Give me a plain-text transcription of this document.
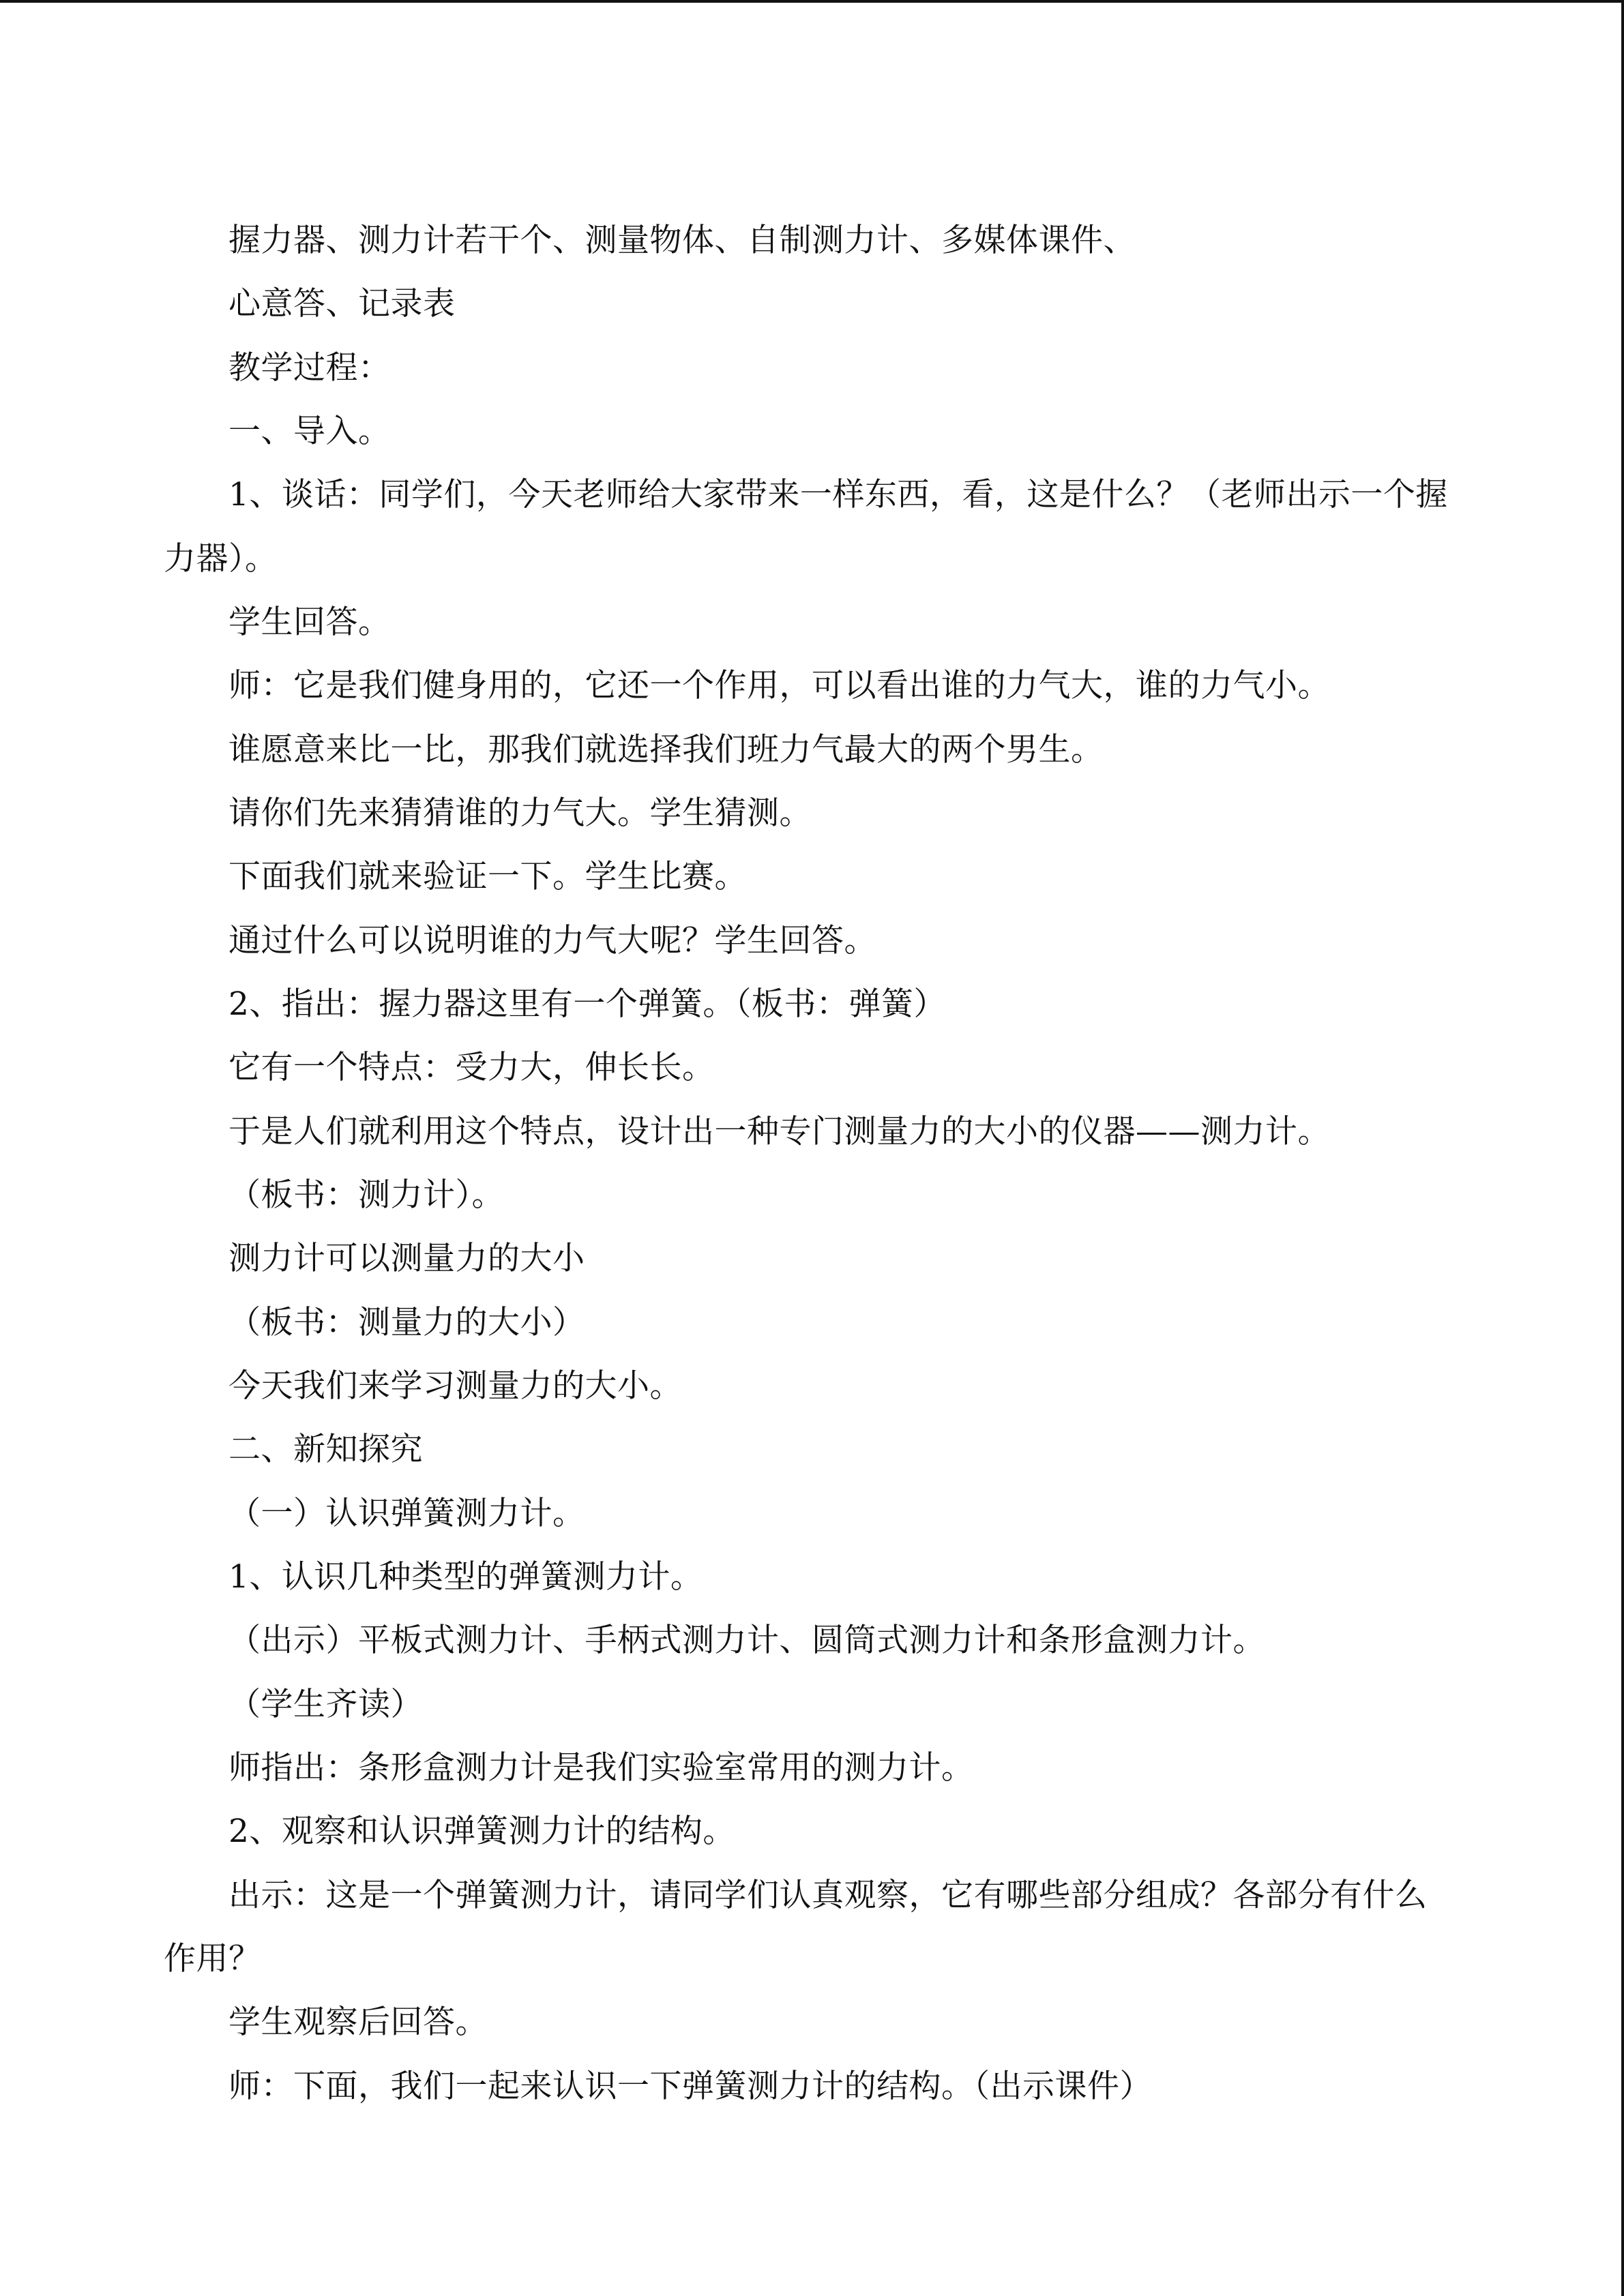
握力器、测力计若干个、测量物体、自制测力计、多媒体课件、
心意答、记录表
教学过程：
一、导入。
1、谈话：同学们，今天老师给大家带来一样东西，看，这是什么？（老师出示一个握
力器）。
学生回答。
师：它是我们健身用的，它还一个作用，可以看出谁的力气大，谁的力气小。
谁愿意来比一比，那我们就选择我们班力气最大的两个男生。
请你们先来猜猜谁的力气大。学生猜测。
下面我们就来验证一下。学生比赛。
通过什么可以说明谁的力气大呢？学生回答。
2、指出：握力器这里有一个弹簧。（板书：弹簧）
它有一个特点：受力大，伸长长。
于是人们就利用这个特点，设计出一种专门测量力的大小的仪器——测力计。
（板书：测力计）。
测力计可以测量力的大小
（板书：测量力的大小）
今天我们来学习测量力的大小。
二、新知探究
（一）认识弹簧测力计。
1、认识几种类型的弹簧测力计。
（出示）平板式测力计、手柄式测力计、圆筒式测力计和条形盒测力计。
（学生齐读）
师指出：条形盒测力计是我们实验室常用的测力计。
2、观察和认识弹簧测力计的结构。
出示：这是一个弹簧测力计，请同学们认真观察，它有哪些部分组成？各部分有什么
作用？
学生观察后回答。
师：下面，我们一起来认识一下弹簧测力计的结构。（出示课件）
